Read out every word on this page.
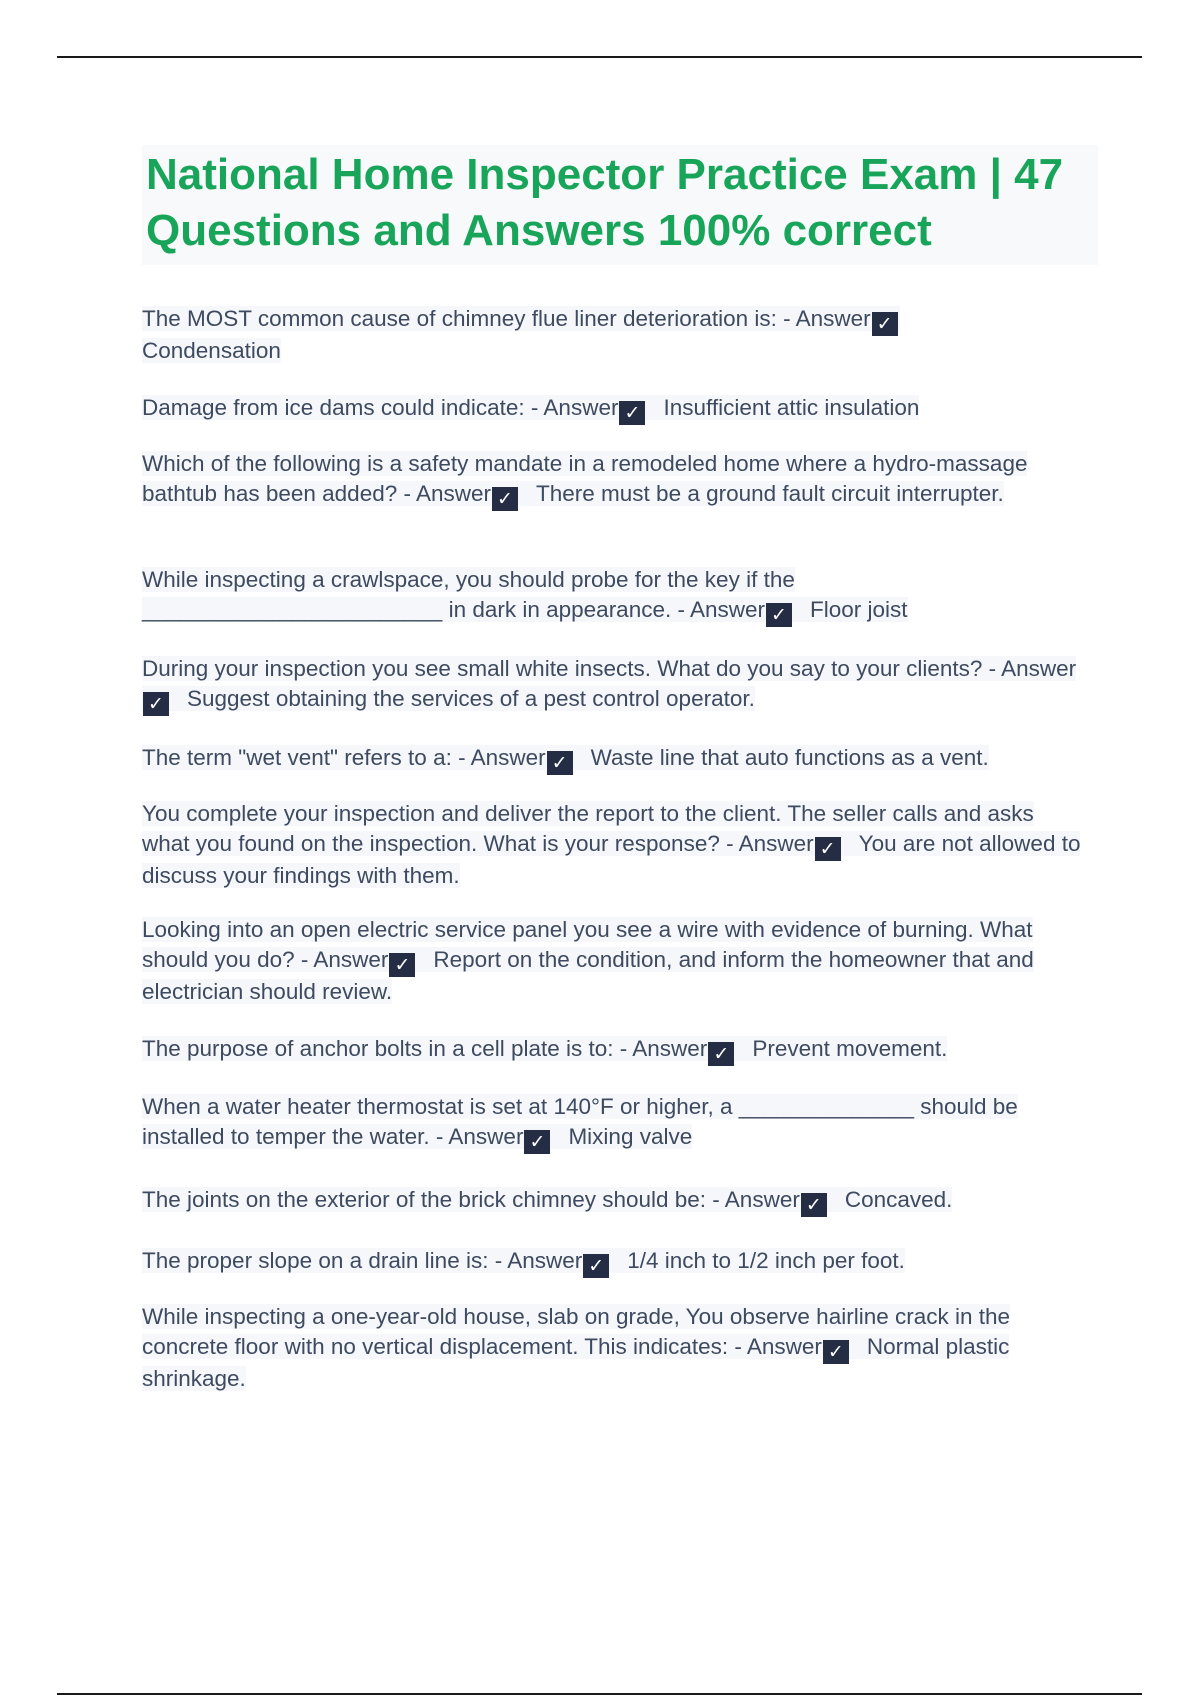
National Home Inspector Practice Exam | 47 Questions and Answers 100% correct
The MOST common cause of chimney flue liner deterioration is: - Answer ✓
Condensation
Damage from ice dams could indicate: - Answer ✓ Insufficient attic insulation
Which of the following is a safety mandate in a remodeled home where a hydro-massage bathtub has been added? - Answer ✓ There must be a ground fault circuit interrupter.
While inspecting a crawlspace, you should probe for the key if the ________________________ in dark in appearance. - Answer ✓ Floor joist
During your inspection you see small white insects. What do you say to your clients? - Answer✓ Suggest obtaining the services of a pest control operator.
The term "wet vent" refers to a: - Answer ✓ Waste line that auto functions as a vent.
You complete your inspection and deliver the report to the client. The seller calls and asks what you found on the inspection. What is your response? - Answer ✓ You are not allowed to discuss your findings with them.
Looking into an open electric service panel you see a wire with evidence of burning. What should you do? - Answer ✓ Report on the condition, and inform the homeowner that and electrician should review.
The purpose of anchor bolts in a cell plate is to: - Answer ✓ Prevent movement.
When a water heater thermostat is set at 140°F or higher, a ______________ should be installed to temper the water. - Answer ✓ Mixing valve
The joints on the exterior of the brick chimney should be: - Answer ✓ Concaved.
The proper slope on a drain line is: - Answer ✓ 1/4 inch to 1/2 inch per foot.
While inspecting a one-year-old house, slab on grade, You observe hairline crack in the concrete floor with no vertical displacement. This indicates: - Answer ✓ Normal plastic shrinkage.
